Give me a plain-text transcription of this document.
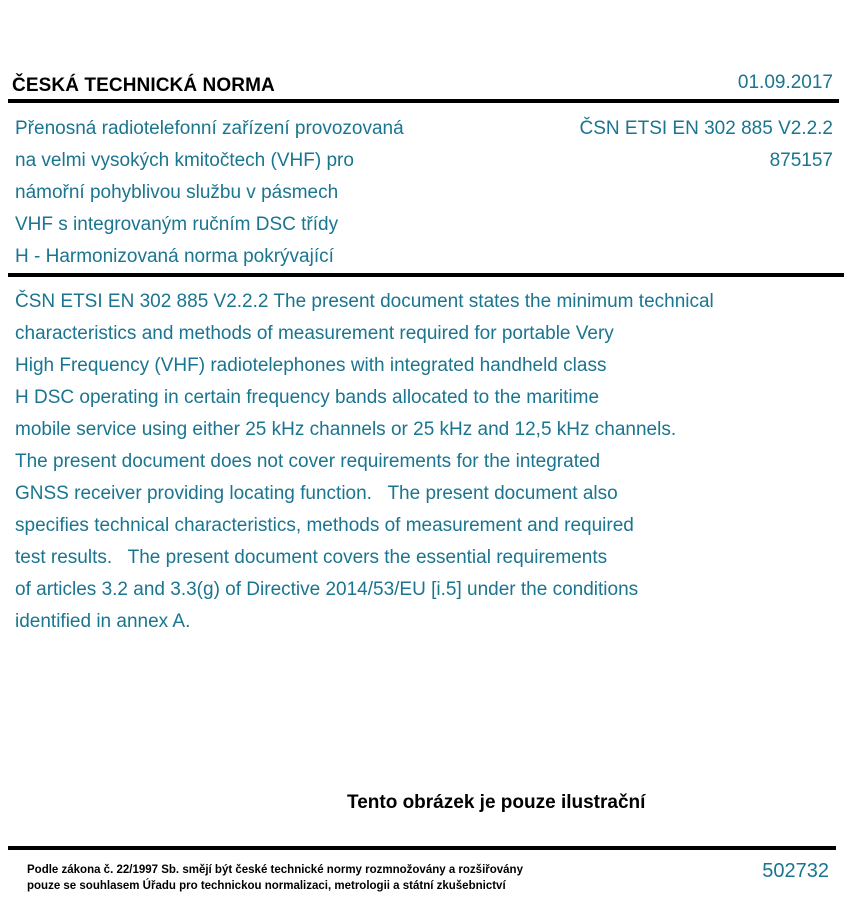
ČESKÁ TECHNICKÁ NORMA	01.09.2017
Přenosná radiotelefonní zařízení provozovaná
na velmi vysokých kmitočtech (VHF) pro
námořní pohyblivou službu v pásmech
VHF s integrovaným ručním DSC třídy
H - Harmonizovaná norma pokrývající
ČSN ETSI EN 302 885 V2.2.2
875157
ČSN ETSI EN 302 885 V2.2.2 The present document states the minimum technical
characteristics and methods of measurement required for portable Very
High Frequency (VHF) radiotelephones with integrated handheld class
H DSC operating in certain frequency bands allocated to the maritime
mobile service using either 25 kHz channels or 25 kHz and 12,5 kHz channels.
The present document does not cover requirements for the integrated
GNSS receiver providing locating function.   The present document also
specifies technical characteristics, methods of measurement and required
test results.   The present document covers the essential requirements
of articles 3.2 and 3.3(g) of Directive 2014/53/EU [i.5] under the conditions
identified in annex A.
Tento obrázek je pouze ilustrační
Podle zákona č. 22/1997 Sb. smějí být české technické normy rozmnožovány a rozšiřovány
pouze se souhlasem Úřadu pro technickou normalizaci, metrologii a státní zkušebnictví
502732
